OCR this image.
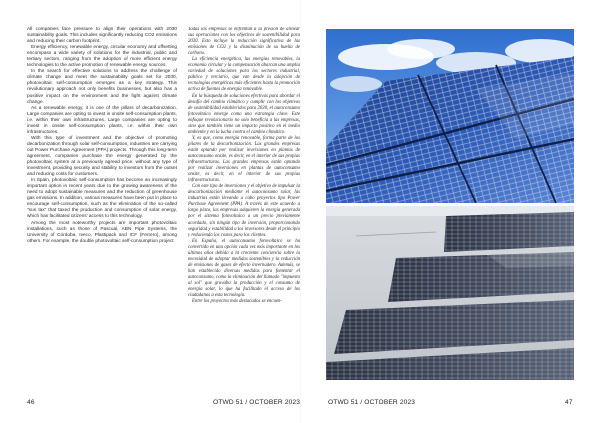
All companies face pressure to align their operations with 2030 sustainability goals. This includes significantly reducing CO2 emissions and reducing their carbon footprint.

Energy efficiency, renewable energy, circular economy and offsetting encompass a wide variety of solutions for the industrial, public and tertiary sectors, ranging from the adoption of more efficient energy technologies to the active promotion of renewable energy sources.

In the search for effective solutions to address the challenge of climate change and meet the sustainability goals set for 2030, photovoltaic self-consumption emerges as a key strategy. This revolutionary approach not only benefits businesses, but also has a positive impact on the environment and the fight against climate change.

As a renewable energy, it is one of the pillars of decarbonization. Large companies are opting to invest in onsite self-consumption plants, i.e. within their own infrastructures. Large companies are opting to invest in onsite self-consumption plants, i.e. within their own infrastructures.

With this type of investment and the objective of promoting decarbonization through solar self-consumption, industries are carrying out Power Purchase Agreement (PPA) projects. Through this long-term agreement, companies purchase the energy generated by the photovoltaic system at a previously agreed price, without any type of investment, providing security and stability to investors from the outset and reducing costs for customers.

In Spain, photovoltaic self-consumption has become an increasingly important option in recent years due to the growing awareness of the need to adopt sustainable measures and the reduction of greenhouse gas emissions. In addition, various measures have been put in place to encourage self-consumption, such as the elimination of the so-called "sun tax" that taxed the production and consumption of solar energy, which has facilitated citizens' access to this technology.

Among the most noteworthy projects are important photovoltaic installations, such as those of Pascual, ABN Pipe Systems, the University of Córdoba, Iveco, Plastipack and ICF (Ferrero), among others. For example, the double photovoltaic self-consumption project

Todas las empresas se enfrentan a la presión de alinear sus operaciones con los objetivos de sostenibilidad para 2030. Esto incluye la reducción significativa de las emisiones de CO2 y la disminución de su huella de carbono.

La eficiencia energética, las energías renovables, la economía circular y la compensación abarcan una amplia variedad de soluciones para los sectores industrial, público y terciario, que van desde la adopción de tecnologías energéticas más eficientes hasta la promoción activa de fuentes de energía renovable.

En la búsqueda de soluciones efectivas para abordar el desafío del cambio climático y cumplir con los objetivos de sostenibilidad establecidos para 2030, el autoconsumo fotovoltaico emerge como una estrategia clave. Este enfoque revolucionario no solo beneficia a las empresas, sino que también tiene un impacto positivo en el medio ambiente y en la lucha contra el cambio climático.

Y, es que, como energía renovable, forma parte de los pilares de la descarbonización. Las grandes empresas están optando por realizar inversiones en plantas de autoconsumo onsite, es decir, en el interior de sus propias infraestructuras. Las grandes empresas están optando por realizar inversiones en plantas de autoconsumo onsite, es decir, en el interior de sus propias infraestructuras.

Con este tipo de inversiones y el objetivo de impulsar la descarbonización mediante el autoconsumo solar, las industrias están llevando a cabo proyectos tipo Power Purchase Agreement (PPA). A través de este acuerdo a largo plazo, las empresas adquieren la energía generada por el sistema fotovoltaico a un precio previamente acordado, sin ningún tipo de inversión, proporcionando seguridad y estabilidad a los inversores desde el principio y reduciendo los costes para los clientes.

En España, el autoconsumo fotovoltaico se ha convertido en una opción cada vez más importante en los últimos años debido a la creciente conciencia sobre la necesidad de adoptar medidas sostenibles y la reducción de emisiones de gases de efecto invernadero. Además, se han establecido diversas medidas para fomentar el autoconsumo, como la eliminación del llamado "impuesto al sol" que gravaba la producción y el consumo de energía solar, lo que ha facilitado el acceso de los ciudadanos a esta tecnología.

Entre los proyectos más destacados se encuen-

46	OTWD 51 / OCTOBER 2023	OTWD 51 / OCTOBER 2023	47
